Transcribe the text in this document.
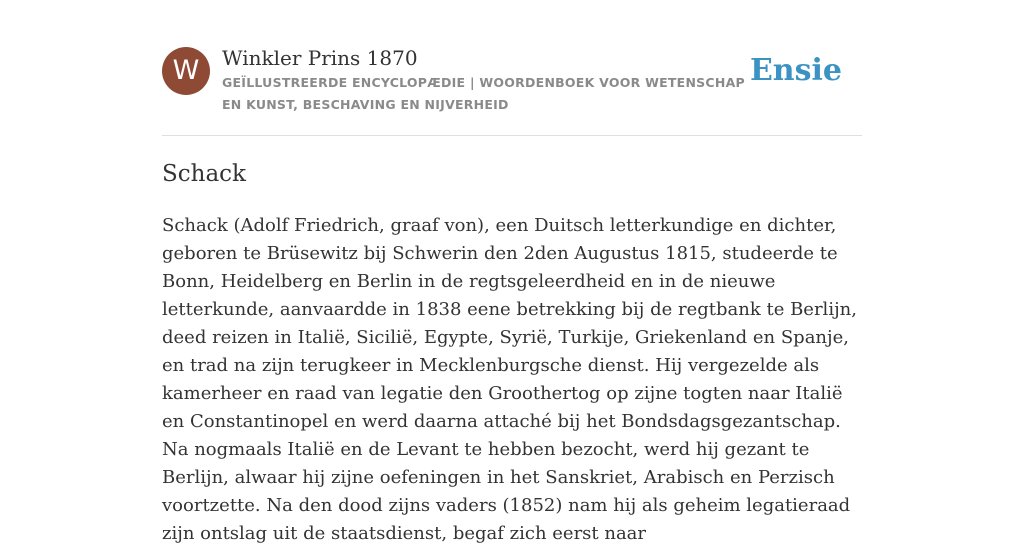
W	Winkler Prins 1870
GEÏLLUSTREERDE ENCYCLOPÆDIE | WOORDENBOEK VOOR WETENSCHAP EN KUNST, BESCHAVING EN NIJVERHEID
Ensie
Schack

Schack (Adolf Friedrich, graaf von), een Duitsch letterkundige en dichter, geboren te Brüsewitz bij Schwerin den 2den Augustus 1815, studeerde te Bonn, Heidelberg en Berlin in de regtsgeleerdheid en in de nieuwe letterkunde, aanvaardde in 1838 eene betrekking bij de regtbank te Berlijn, deed reizen in Italië, Sicilië, Egypte, Syrië, Turkije, Griekenland en Spanje, en trad na zijn terugkeer in Mecklenburgsche dienst. Hij vergezelde als kamerheer en raad van legatie den Groothertog op zijne togten naar Italië en Constantinopel en werd daarna attaché bij het Bondsdagsgezantschap. Na nogmaals Italië en de Levant te hebben bezocht, werd hij gezant te Berlijn, alwaar hij zijne oefeningen in het Sanskriet, Arabisch en Perzisch voortzette. Na den dood zijns vaders (1852) nam hij als geheim legatieraad zijn ontslag uit de staatsdienst, begaf zich eerst naar
